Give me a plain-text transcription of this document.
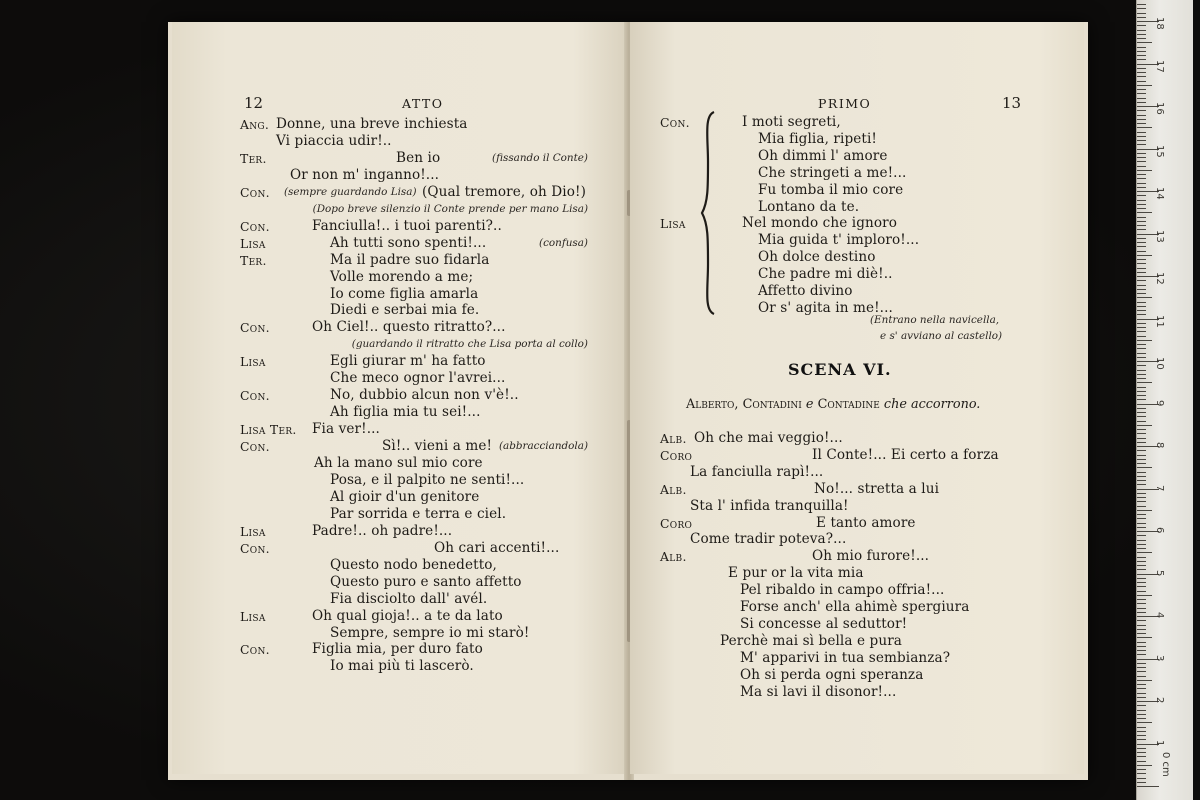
12	ATTO
Ang. Donne, una breve inchiesta
Vi piaccia udir!..
Ter.	Ben io	(fissando il Conte)
Or non m' inganno!...
Con. (sempre guardando Lisa) (Qual tremore, oh Dio!)
(Dopo breve silenzio il Conte prende per mano Lisa)
Con.	Fanciulla!.. i tuoi parenti?..
Lisa	Ah tutti sono spenti!...	(confusa)
Ter.	Ma il padre suo fidarla
Volle morendo a me;
Io come figlia amarla
Diedi e serbai mia fe.
Con.	Oh Ciel!.. questo ritratto?...
(guardando il ritratto che Lisa porta al collo)
Lisa	Egli giurar m' ha fatto
Che meco ognor l'avrei...
Con.	No, dubbio alcun non v'è!..
Ah figlia mia tu sei!...
Lisa Ter. Fia ver!...
Con.	Sì!.. vieni a me! (abbracciandola)
Ah la mano sul mio core
Posa, e il palpito ne senti!...
Al gioir d'un genitore
Par sorrida e terra e ciel.
Lisa	Padre!.. oh padre!...
Con.	Oh cari accenti!...
Questo nodo benedetto,
Questo puro e santo affetto
Fia disciolto dall' avél.
Lisa	Oh qual gioja!.. a te da lato
Sempre, sempre io mi starò!
Con.	Figlia mia, per duro fato
Io mai più ti lascerò.
PRIMO	13
Con.	I moti segreti,
Mia figlia, ripeti!
Oh dimmi l' amore
Che stringeti a me!...
Fu tomba il mio core
Lontano da te.
Lisa	Nel mondo che ignoro
Mia guida t' imploro!...
Oh dolce destino
Che padre mi diè!..
Affetto divino
Or s' agita in me!...
Alb. Oh che mai veggio!...
Coro	Il Conte!... Ei certo a forza
La fanciulla rapì!...
Alb.	No!... stretta a lui
Sta l' infida tranquilla!
Coro	E tanto amore
Come tradir poteva?...
Alb.	Oh mio furore!...
E pur or la vita mia
Pel ribaldo in campo offria!...
Forse anch' ella ahimè spergiura
Si concesse al seduttor!
Perchè mai sì bella e pura
M' apparivi in tua sembianza?
Oh si perda ogni speranza
Ma si lavi il disonor!...
(Entrano nella navicella,
e s' avviano al castello)
SCENA VI.
Alberto, Contadini e Contadine che accorrono.
1
2
3
4
5
6
7
8
9
10
11
12
13
14
15
16
17
18
0 cm
